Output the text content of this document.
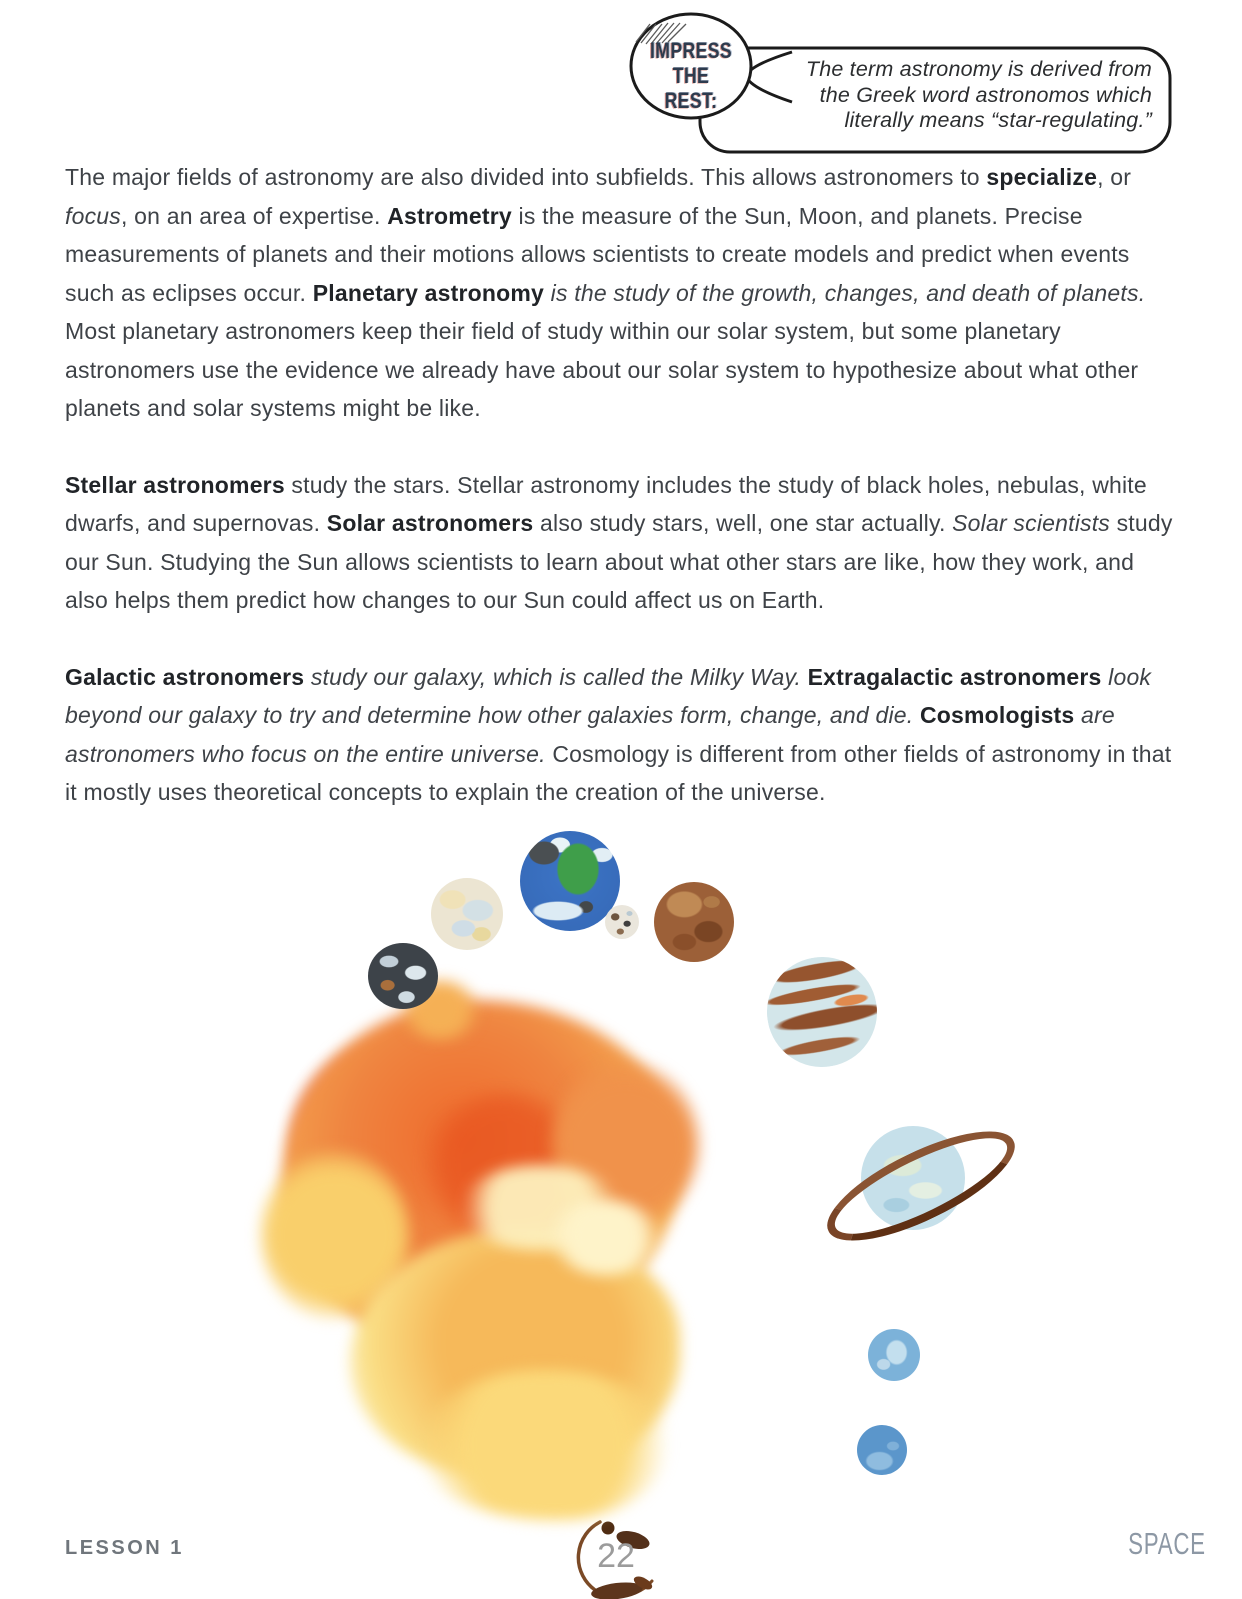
IMPRESS
THE REST:
The term astronomy is derived from
the Greek word astronomos which
literally means “star-regulating.”

The major fields of astronomy are also divided into subfields. This allows astronomers to specialize, or focus, on an area of expertise. Astrometry is the measure of the Sun, Moon, and planets. Precise measurements of planets and their motions allows scientists to create models and predict when events such as eclipses occur. Planetary astronomy is the study of the growth, changes, and death of planets. Most planetary astronomers keep their field of study within our solar system, but some planetary astronomers use the evidence we already have about our solar system to hypothesize about what other planets and solar systems might be like.

Stellar astronomers study the stars. Stellar astronomy includes the study of black holes, nebulas, white dwarfs, and supernovas. Solar astronomers also study stars, well, one star actually. Solar scientists study our Sun. Studying the Sun allows scientists to learn about what other stars are like, how they work, and also helps them predict how changes to our Sun could affect us on Earth.

Galactic astronomers study our galaxy, which is called the Milky Way. Extragalactic astronomers look beyond our galaxy to try and determine how other galaxies form, change, and die. Cosmologists are astronomers who focus on the entire universe. Cosmology is different from other fields of astronomy in that it mostly uses theoretical concepts to explain the creation of the universe.

LESSON 1	22	SPACE
